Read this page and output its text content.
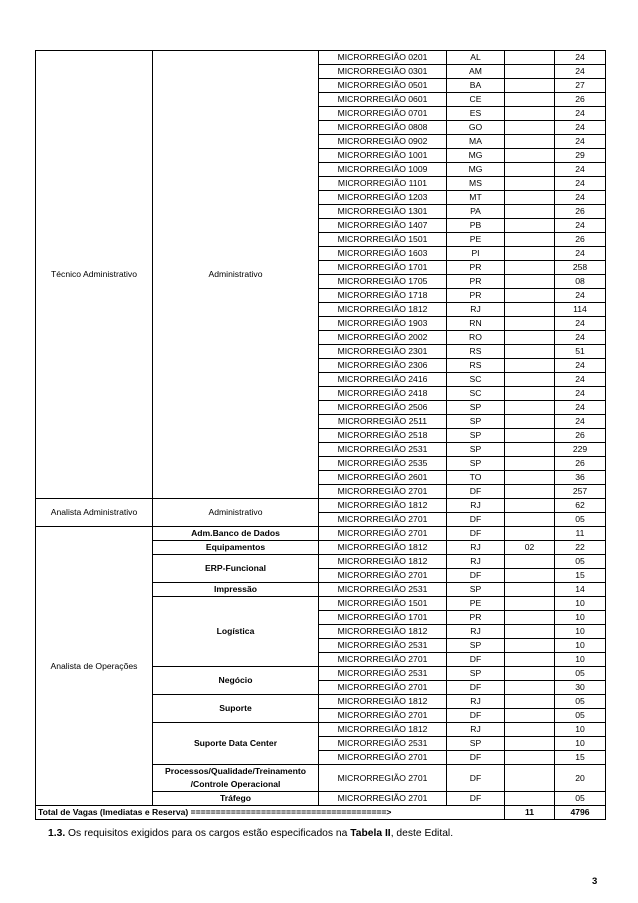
Técnico Administrativo	Administrativo	MICRORREGIÃO 0201	AL		24
		MICRORREGIÃO 0301	AM		24
		MICRORREGIÃO 0501	BA		27
		MICRORREGIÃO 0601	CE		26
		MICRORREGIÃO 0701	ES		24
		MICRORREGIÃO 0808	GO		24
		MICRORREGIÃO 0902	MA		24
		MICRORREGIÃO 1001	MG		29
		MICRORREGIÃO 1009	MG		24
		MICRORREGIÃO 1101	MS		24
		MICRORREGIÃO 1203	MT		24
		MICRORREGIÃO 1301	PA		26
		MICRORREGIÃO 1407	PB		24
		MICRORREGIÃO 1501	PE		26
		MICRORREGIÃO 1603	PI		24
		MICRORREGIÃO 1701	PR		258
		MICRORREGIÃO 1705	PR		08
		MICRORREGIÃO 1718	PR		24
		MICRORREGIÃO 1812	RJ		114
		MICRORREGIÃO 1903	RN		24
		MICRORREGIÃO 2002	RO		24
		MICRORREGIÃO 2301	RS		51
		MICRORREGIÃO 2306	RS		24
		MICRORREGIÃO 2416	SC		24
		MICRORREGIÃO 2418	SC		24
		MICRORREGIÃO 2506	SP		24
		MICRORREGIÃO 2511	SP		24
		MICRORREGIÃO 2518	SP		26
		MICRORREGIÃO 2531	SP		229
		MICRORREGIÃO 2535	SP		26
		MICRORREGIÃO 2601	TO		36
		MICRORREGIÃO 2701	DF		257
Analista Administrativo	Administrativo	MICRORREGIÃO 1812	RJ		62
		MICRORREGIÃO 2701	DF		05
Analista de Operações	Adm.Banco de Dados	MICRORREGIÃO 2701	DF		11
	Equipamentos	MICRORREGIÃO 1812	RJ	02	22
	ERP-Funcional	MICRORREGIÃO 1812	RJ		05
		MICRORREGIÃO 2701	DF		15
	Impressão	MICRORREGIÃO 2531	SP		14
	Logística	MICRORREGIÃO 1501	PE		10
		MICRORREGIÃO 1701	PR		10
		MICRORREGIÃO 1812	RJ		10
		MICRORREGIÃO 2531	SP		10
		MICRORREGIÃO 2701	DF		10
	Negócio	MICRORREGIÃO 2531	SP		05
		MICRORREGIÃO 2701	DF		30
	Suporte	MICRORREGIÃO 1812	RJ		05
		MICRORREGIÃO 2701	DF		05
	Suporte Data Center	MICRORREGIÃO 1812	RJ		10
		MICRORREGIÃO 2531	SP		10
		MICRORREGIÃO 2701	DF		15
	Processos/Qualidade/Treinamento /Controle Operacional	MICRORREGIÃO 2701	DF		20
	Tráfego	MICRORREGIÃO 2701	DF		05
Total de Vagas (Imediatas e Reserva) =======================================>				11	4796
1.3. Os requisitos exigidos para os cargos estão especificados na Tabela II, deste Edital.
3
